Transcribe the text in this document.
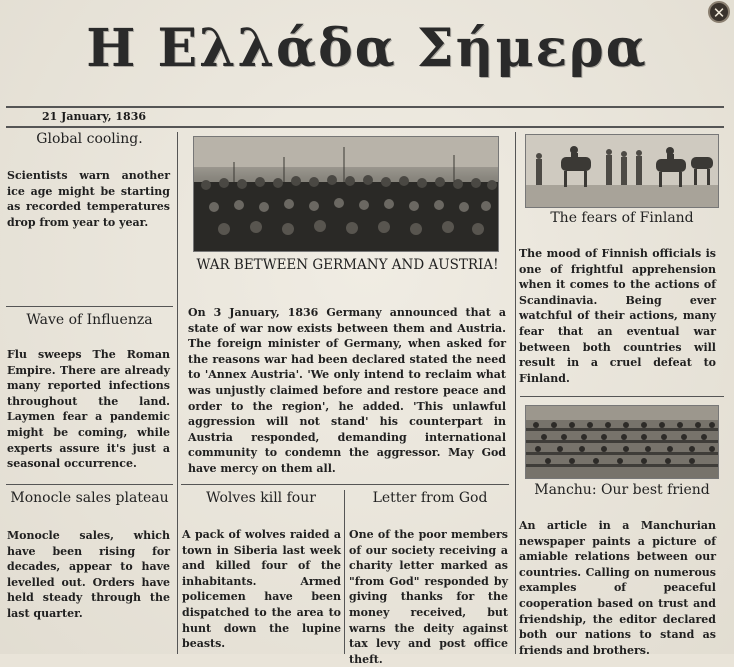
✕
Η Ελλάδα Σήμερα
21 January, 1836
Global cooling.
Scientists warn another ice age might be starting as recorded temperatures drop from year to year.
Wave of Influenza
Flu sweeps The Roman Empire. There are already many reported infections throughout the land. Laymen fear a pandemic might be coming, while experts assure it's just a seasonal occurrence.
Monocle sales plateau
Monocle sales, which have been rising for decades, appear to have levelled out. Orders have held steady through the last quarter.
WAR BETWEEN GERMANY AND AUSTRIA!
On 3 January, 1836 Germany announced that a state of war now exists between them and Austria. The foreign minister of Germany, when asked for the reasons war had been declared stated the need to 'Annex Austria'. 'We only intend to reclaim what was unjustly claimed before and restore peace and order to the region', he added. 'This unlawful aggression will not stand' his counterpart in Austria responded, demanding international community to condemn the aggressor. May God have mercy on them all.
Wolves kill four
A pack of wolves raided a town in Siberia last week and killed four of the inhabitants. Armed policemen have been dispatched to the area to hunt down the lupine beasts.
Letter from God
One of the poor members of our society receiving a charity letter marked as "from God" responded by giving thanks for the money received, but warns the deity against tax levy and post office theft.
The fears of Finland
The mood of Finnish officials is one of frightful apprehension when it comes to the actions of Scandinavia. Being ever watchful of their actions, many fear that an eventual war between both countries will result in a cruel defeat to Finland.
Manchu: Our best friend
An article in a Manchurian newspaper paints a picture of amiable relations between our countries. Calling on numerous examples of peaceful cooperation based on trust and friendship, the editor declared both our nations to stand as friends and brothers.
